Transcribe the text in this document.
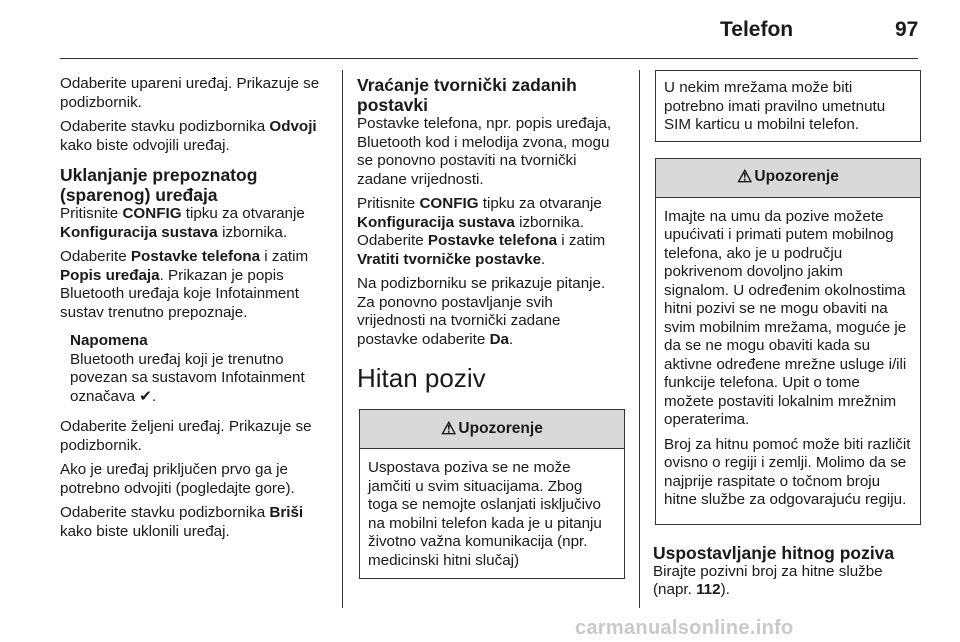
Telefon	97

Odaberite upareni uređaj. Prikazuje se podizbornik.

Odaberite stavku podizbornika Odvoji kako biste odvojili uređaj.

Uklanjanje prepoznatog (sparenog) uređaja

Pritisnite CONFIG tipku za otvaranje Konfiguracija sustava izbornika.

Odaberite Postavke telefona i zatim Popis uređaja. Prikazan je popis Bluetooth uređaja koje Infotainment sustav trenutno prepoznaje.

Napomena
Bluetooth uređaj koji je trenutno povezan sa sustavom Infotainment označava ✔.

Odaberite željeni uređaj. Prikazuje se podizbornik.

Ako je uređaj priključen prvo ga je potrebno odvojiti (pogledajte gore).

Odaberite stavku podizbornika Briši kako biste uklonili uređaj.

Vraćanje tvornički zadanih postavki

Postavke telefona, npr. popis uređaja, Bluetooth kod i melodija zvona, mogu se ponovno postaviti na tvornički zadane vrijednosti.

Pritisnite CONFIG tipku za otvaranje Konfiguracija sustava izbornika. Odaberite Postavke telefona i zatim Vratiti tvorničke postavke.

Na podizborniku se prikazuje pitanje. Za ponovno postavljanje svih vrijednosti na tvornički zadane postavke odaberite Da.

Hitan poziv
⚠ Upozorenje
Uspostava poziva se ne može jamčiti u svim situacijama. Zbog toga se nemojte oslanjati isključivo na mobilni telefon kada je u pitanju životno važna komunikacija (npr. medicinski hitni slučaj)
U nekim mrežama može biti potrebno imati pravilno umetnutu SIM karticu u mobilni telefon.
⚠ Upozorenje

Imajte na umu da pozive možete upućivati i primati putem mobilnog telefona, ako je u području pokrivenom dovoljno jakim signalom. U određenim okolnostima hitni pozivi se ne mogu obaviti na svim mobilnim mrežama, moguće je da se ne mogu obaviti kada su aktivne određene mrežne usluge i/ili funkcije telefona. Upit o tome možete postaviti lokalnim mrežnim operaterima.

Broj za hitnu pomoć može biti različit ovisno o regiji i zemlji. Molimo da se najprije raspitate o točnom broju hitne službe za odgovarajuću regiju.

Uspostavljanje hitnog poziva

Birajte pozivni broj za hitne službe (napr. 112).

carmanualsonline.info
